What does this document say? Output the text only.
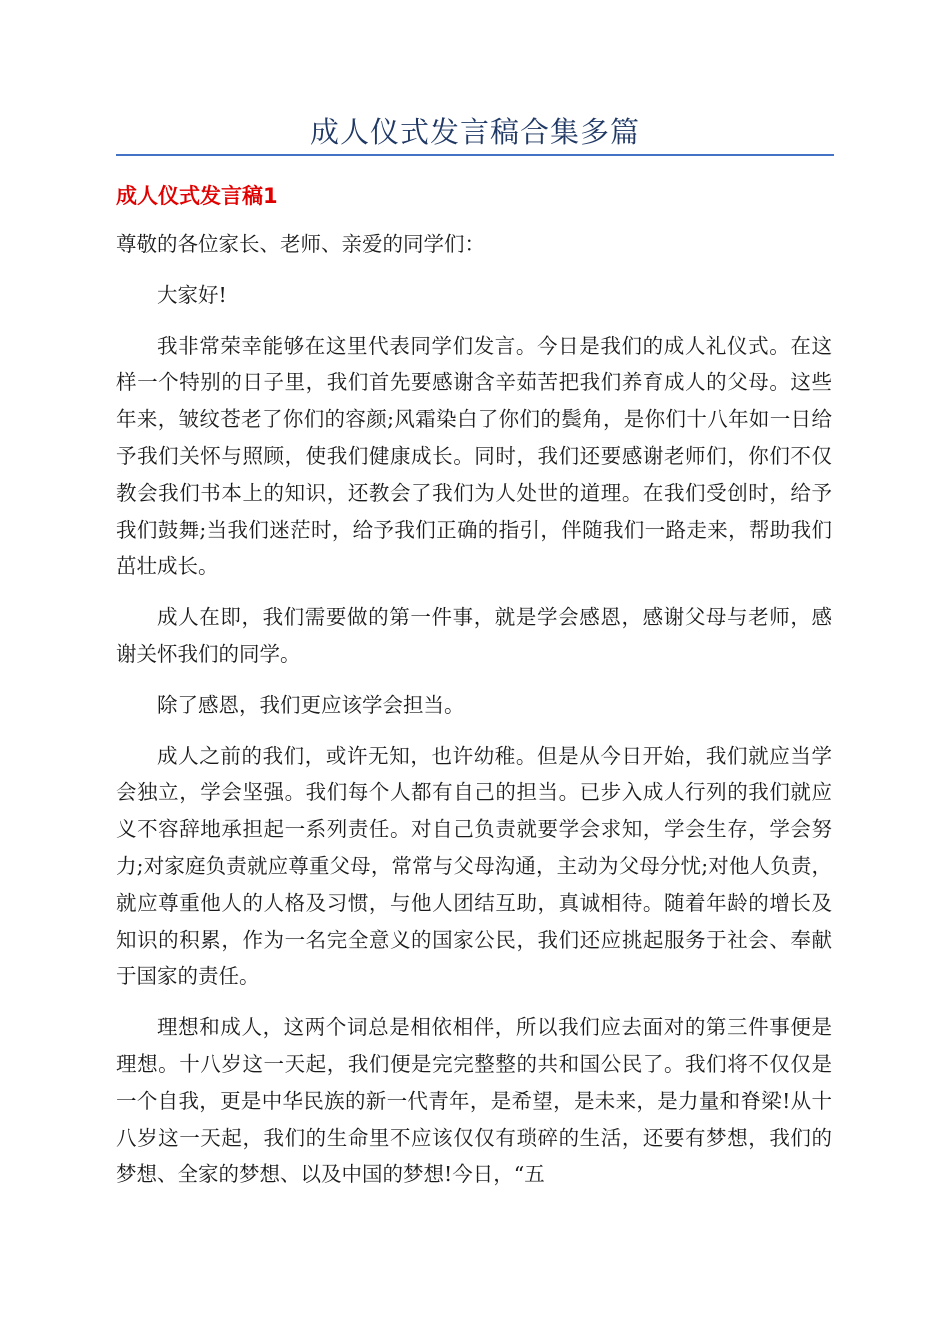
成人仪式发言稿合集多篇
成人仪式发言稿1

尊敬的各位家长、老师、亲爱的同学们：

大家好!

我非常荣幸能够在这里代表同学们发言。今日是我们的成人礼仪式。在这样一个特别的日子里，我们首先要感谢含辛茹苦把我们养育成人的父母。这些年来，皱纹苍老了你们的容颜;风霜染白了你们的鬓角，是你们十八年如一日给予我们关怀与照顾，使我们健康成长。同时，我们还要感谢老师们，你们不仅教会我们书本上的知识，还教会了我们为人处世的道理。在我们受创时，给予我们鼓舞;当我们迷茫时，给予我们正确的指引，伴随我们一路走来，帮助我们茁壮成长。

成人在即，我们需要做的第一件事，就是学会感恩，感谢父母与老师，感谢关怀我们的同学。

除了感恩，我们更应该学会担当。

成人之前的我们，或许无知，也许幼稚。但是从今日开始，我们就应当学会独立，学会坚强。我们每个人都有自己的担当。已步入成人行列的我们就应义不容辞地承担起一系列责任。对自己负责就要学会求知，学会生存，学会努力;对家庭负责就应尊重父母，常常与父母沟通，主动为父母分忧;对他人负责，就应尊重他人的人格及习惯，与他人团结互助，真诚相待。随着年龄的增长及知识的积累，作为一名完全意义的国家公民，我们还应挑起服务于社会、奉献于国家的责任。

理想和成人，这两个词总是相依相伴，所以我们应去面对的第三件事便是理想。十八岁这一天起，我们便是完完整整的共和国公民了。我们将不仅仅是一个自我，更是中华民族的新一代青年，是希望，是未来，是力量和脊梁!从十八岁这一天起，我们的生命里不应该仅仅有琐碎的生活，还要有梦想，我们的梦想、全家的梦想、以及中国的梦想!今日，“五
